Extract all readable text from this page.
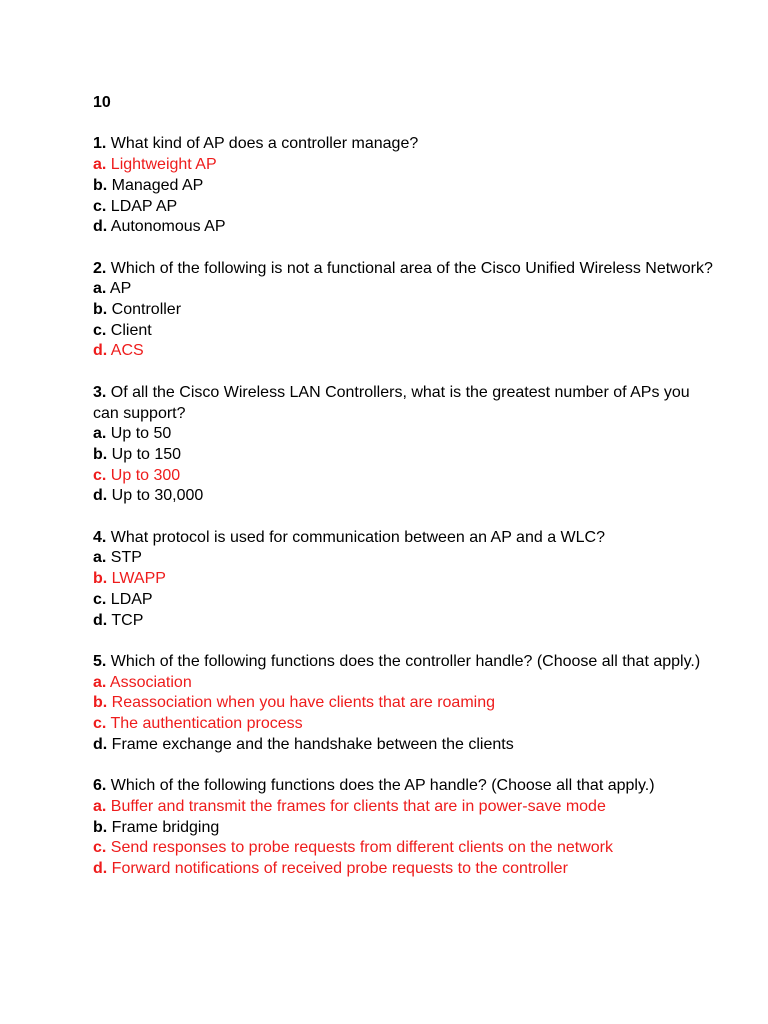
10
1. What kind of AP does a controller manage?
a. Lightweight AP
b. Managed AP
c. LDAP AP
d. Autonomous AP
2. Which of the following is not a functional area of the Cisco Unified Wireless Network?
a. AP
b. Controller
c. Client
d. ACS
3. Of all the Cisco Wireless LAN Controllers, what is the greatest number of APs you
can support?
a. Up to 50
b. Up to 150
c. Up to 300
d. Up to 30,000
4. What protocol is used for communication between an AP and a WLC?
a. STP
b. LWAPP
c. LDAP
d. TCP
5. Which of the following functions does the controller handle? (Choose all that apply.)
a. Association
b. Reassociation when you have clients that are roaming
c. The authentication process
d. Frame exchange and the handshake between the clients
6. Which of the following functions does the AP handle? (Choose all that apply.)
a. Buffer and transmit the frames for clients that are in power-save mode
b. Frame bridging
c. Send responses to probe requests from different clients on the network
d. Forward notifications of received probe requests to the controller
